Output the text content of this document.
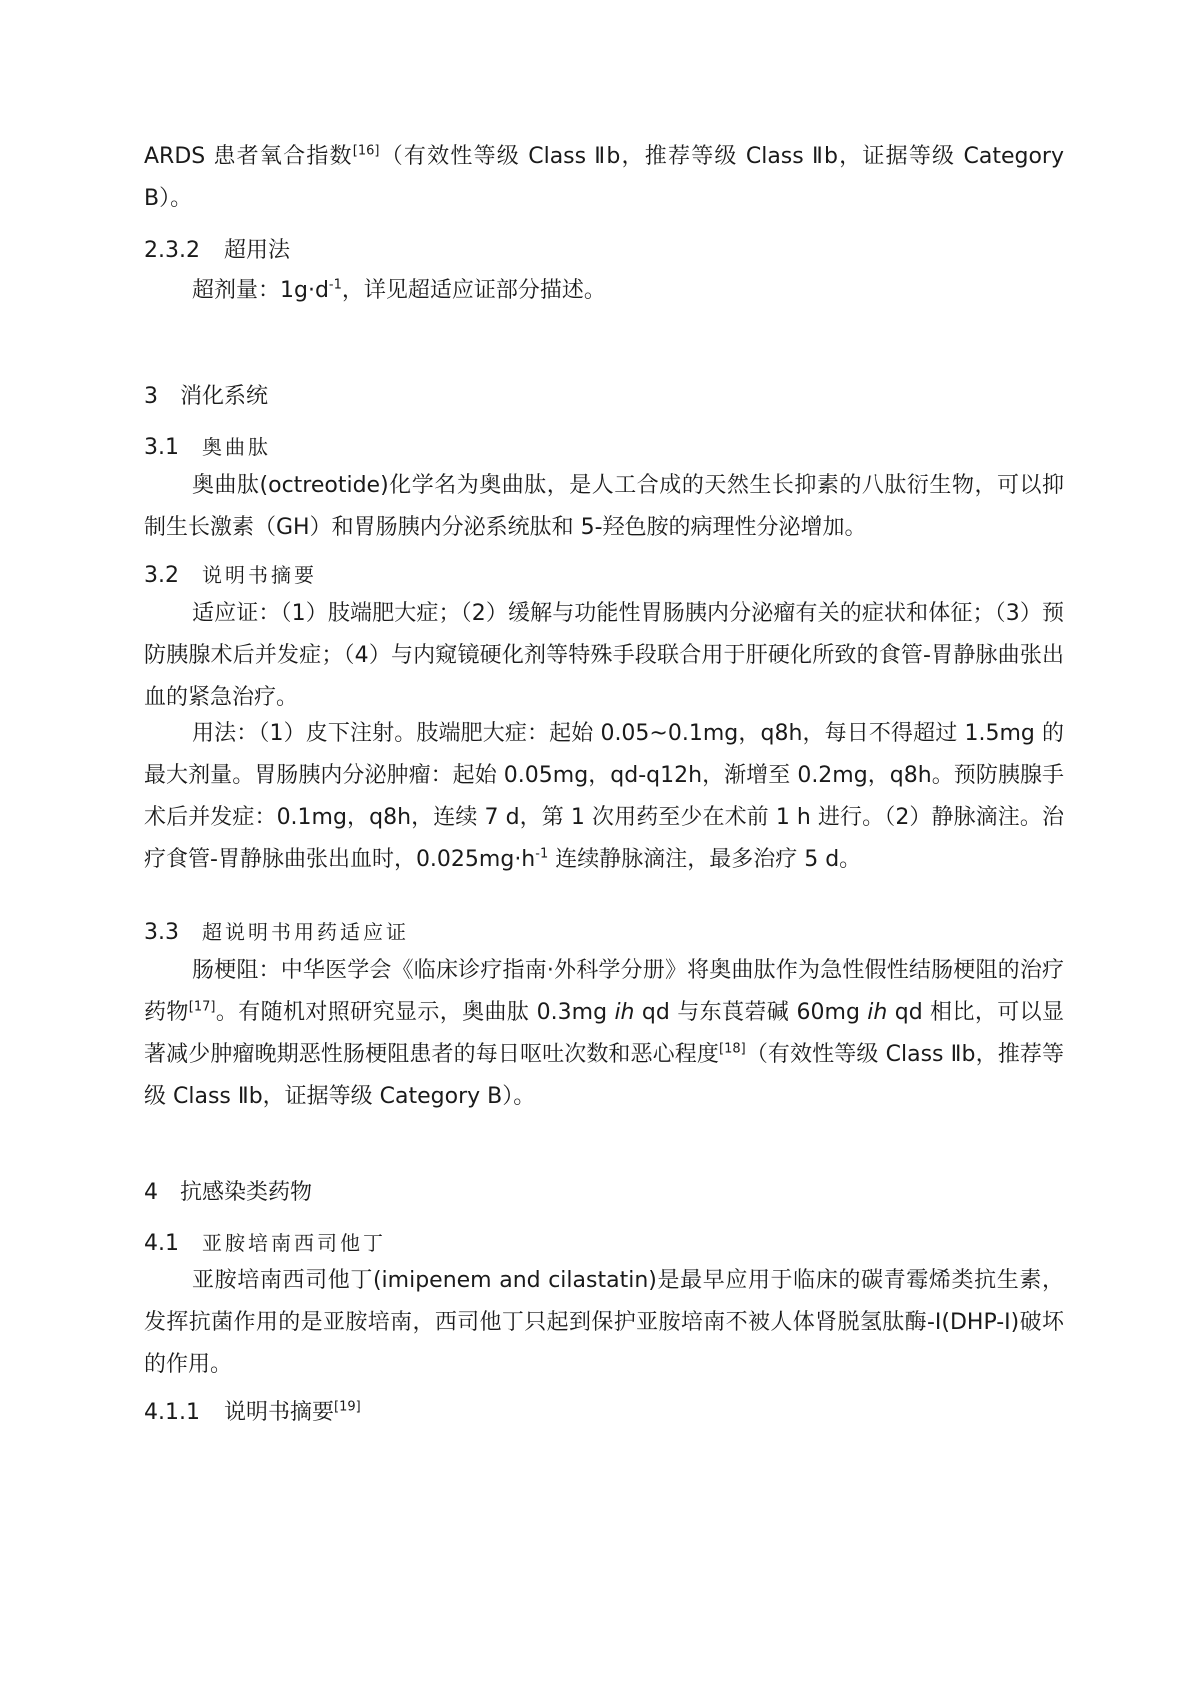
ARDS 患者氧合指数[16]（有效性等级 Class Ⅱb，推荐等级 Class Ⅱb，证据等级 Category B）。

2.3.2 超用法

超剂量：$1g\cdot d^{-1}$，详见超适应证部分描述。

3 消化系统

3.1 奥曲肽

奥曲肽(octreotide)化学名为奥曲肽，是人工合成的天然生长抑素的八肽衍生物，可以抑制生长激素（GH）和胃肠胰内分泌系统肽和 5-羟色胺的病理性分泌增加。

3.2 说明书摘要

适应证：（1）肢端肥大症；（2）缓解与功能性胃肠胰内分泌瘤有关的症状和体征；（3）预防胰腺术后并发症；（4）与内窥镜硬化剂等特殊手段联合用于肝硬化所致的食管-胃静脉曲张出血的紧急治疗。

用法：（1）皮下注射。肢端肥大症：起始 0.05~0.1mg，q8h，每日不得超过 1.5mg 的最大剂量。胃肠胰内分泌肿瘤：起始 0.05mg，qd-q12h，渐增至 0.2mg，q8h。预防胰腺手术后并发症：0.1mg，q8h，连续 7 d，第 1 次用药至少在术前 1 h 进行。（2）静脉滴注。治疗食管-胃静脉曲张出血时，$0.025mg\cdot h^{-1}$ 连续静脉滴注，最多治疗 5 d。

3.3 超说明书用药适应证

肠梗阻：中华医学会《临床诊疗指南·外科学分册》将奥曲肽作为急性假性结肠梗阻的治疗药物[17]。有随机对照研究显示，奥曲肽 0.3mg ih qd 与东莨菪碱 60mg ih qd 相比，可以显著减少肿瘤晚期恶性肠梗阻患者的每日呕吐次数和恶心程度[18]（有效性等级 Class Ⅱb，推荐等级 Class Ⅱb，证据等级 Category B）。

4 抗感染类药物

4.1 亚胺培南西司他丁

亚胺培南西司他丁(imipenem and cilastatin)是最早应用于临床的碳青霉烯类抗生素，发挥抗菌作用的是亚胺培南，西司他丁只起到保护亚胺培南不被人体肾脱氢肽酶-I(DHP-I)破坏的作用。

4.1.1 说明书摘要[19]
